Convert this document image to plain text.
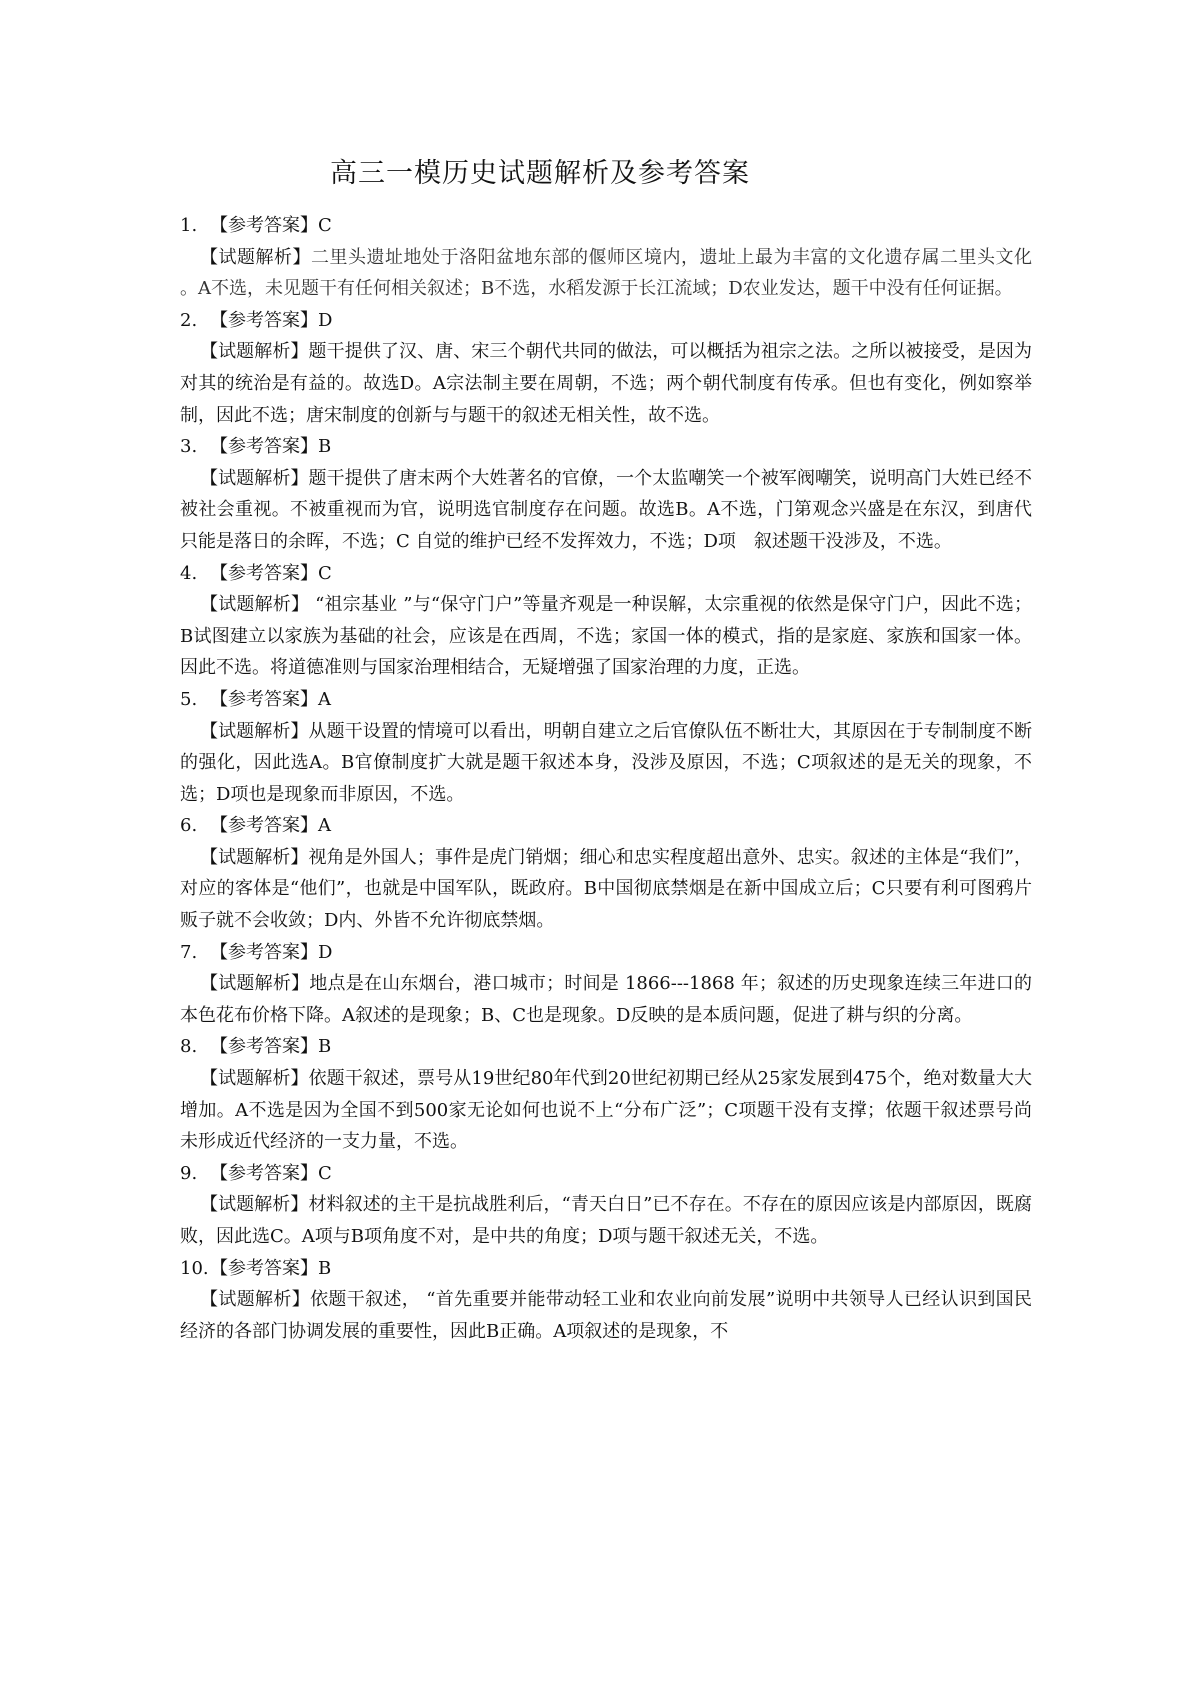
高三一模历史试题解析及参考答案
1. 【参考答案】C
【试题解析】二里头遗址地处于洛阳盆地东部的偃师区境内，遗址上最为丰富的文化遗存属二里头文化 。A不选，未见题干有任何相关叙述；B不选，水稻发源于长江流域；D农业发达，题干中没有任何证据。
2. 【参考答案】D
【试题解析】题干提供了汉、唐、宋三个朝代共同的做法，可以概括为祖宗之法。之所以被接受，是因为对其的统治是有益的。故选D。A宗法制主要在周朝，不选；两个朝代制度有传承。但也有变化，例如察举制，因此不选；唐宋制度的创新与与题干的叙述无相关性，故不选。
3. 【参考答案】B
【试题解析】题干提供了唐末两个大姓著名的官僚，一个太监嘲笑一个被军阀嘲笑，说明高门大姓已经不被社会重视。不被重视而为官，说明选官制度存在问题。故选B。A不选，门第观念兴盛是在东汉，到唐代只能是落日的余晖，不选；C 自觉的维护已经不发挥效力，不选；D项　叙述题干没涉及，不选。
4. 【参考答案】C
【试题解析】 “祖宗基业 ”与“保守门户”等量齐观是一种误解，太宗重视的依然是保守门户，因此不选；B试图建立以家族为基础的社会，应该是在西周，不选；家国一体的模式，指的是家庭、家族和国家一体。因此不选。将道德准则与国家治理相结合，无疑增强了国家治理的力度，正选。
5. 【参考答案】A
【试题解析】从题干设置的情境可以看出，明朝自建立之后官僚队伍不断壮大，其原因在于专制制度不断的强化，因此选A。B官僚制度扩大就是题干叙述本身，没涉及原因，不选；C项叙述的是无关的现象，不选；D项也是现象而非原因，不选。
6. 【参考答案】A
【试题解析】视角是外国人；事件是虎门销烟；细心和忠实程度超出意外、忠实。叙述的主体是“我们”，对应的客体是“他们”，也就是中国军队，既政府。B中国彻底禁烟是在新中国成立后；C只要有利可图鸦片贩子就不会收敛；D内、外皆不允许彻底禁烟。
7. 【参考答案】D
【试题解析】地点是在山东烟台，港口城市；时间是 1866---1868 年；叙述的历史现象连续三年进口的本色花布价格下降。A叙述的是现象；B、C也是现象。D反映的是本质问题，促进了耕与织的分离。
8. 【参考答案】B
【试题解析】依题干叙述，票号从19世纪80年代到20世纪初期已经从25家发展到475个，绝对数量大大增加。A不选是因为全国不到500家无论如何也说不上“分布广泛”；C项题干没有支撑；依题干叙述票号尚未形成近代经济的一支力量，不选。
9. 【参考答案】C
【试题解析】材料叙述的主干是抗战胜利后，“青天白日”已不存在。不存在的原因应该是内部原因，既腐败，因此选C。A项与B项角度不对，是中共的角度；D项与题干叙述无关，不选。
10.【参考答案】B
【试题解析】依题干叙述， “首先重要并能带动轻工业和农业向前发展”说明中共领导人已经认识到国民经济的各部门协调发展的重要性，因此B正确。A项叙述的是现象，不
